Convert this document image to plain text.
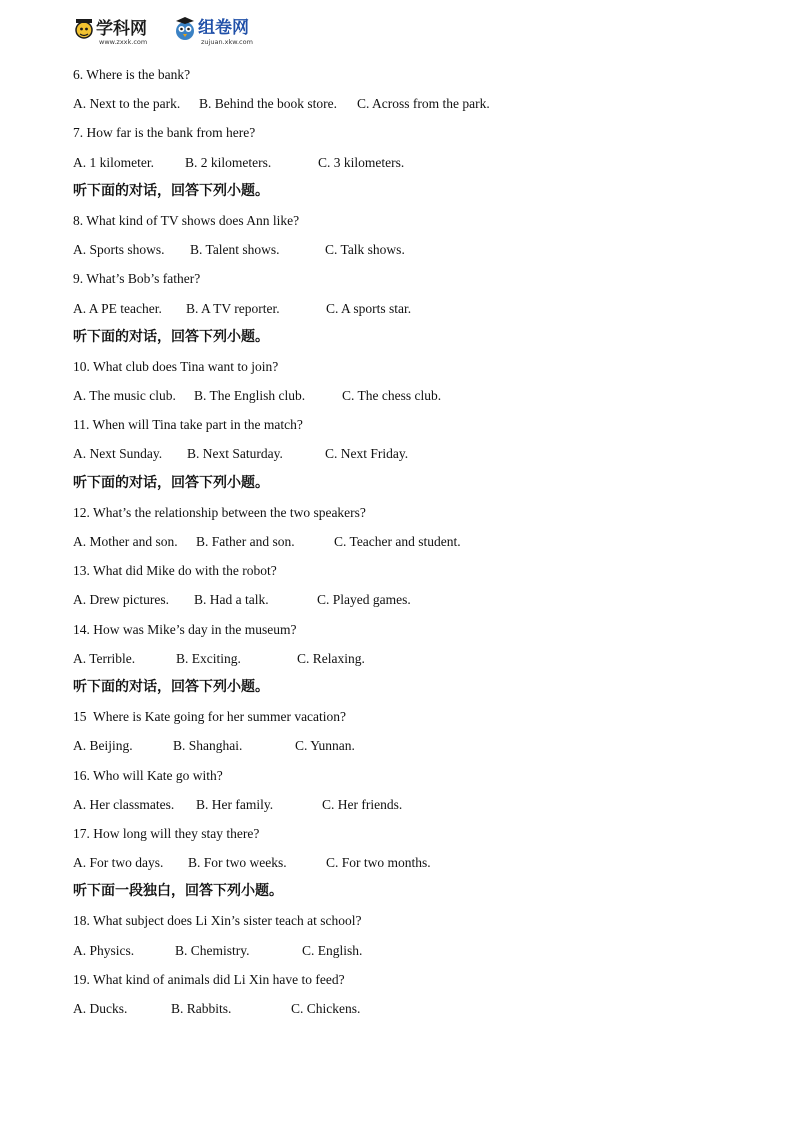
学科网
www.zxxk.com
组卷网
zujuan.xkw.com
6. Where is the bank?
A. Next to the park. B. Behind the book store. C. Across from the park.
7. How far is the bank from here?
A. 1 kilometer. B. 2 kilometers.	C. 3 kilometers.
听下面的对话，回答下列小题。
8. What kind of TV shows does Ann like?
A. Sports shows. B. Talent shows.	C. Talk shows.
9. What’s Bob’s father?
A. A PE teacher. B. A TV reporter.	C. A sports star.
听下面的对话，回答下列小题。
10. What club does Tina want to join?
A. The music club. B. The English club.	C. The chess club.
11. When will Tina take part in the match?
A. Next Sunday. B. Next Saturday.	C. Next Friday.
听下面的对话，回答下列小题。
12. What’s the relationship between the two speakers?
A. Mother and son. B. Father and son.	C. Teacher and student.
13. What did Mike do with the robot?
A. Drew pictures. B. Had a talk.	C. Played games.
14. How was Mike’s day in the museum?
A. Terrible.	B. Exciting.	C. Relaxing.
听下面的对话，回答下列小题。
15  Where is Kate going for her summer vacation?
A. Beijing.	B. Shanghai.	C. Yunnan.
16. Who will Kate go with?
A. Her classmates. B. Her family.	C. Her friends.
17. How long will they stay there?
A. For two days. B. For two weeks.	C. For two months.
听下面一段独白，回答下列小题。
18. What subject does Li Xin’s sister teach at school?
A. Physics.	B. Chemistry.	C. English.
19. What kind of animals did Li Xin have to feed?
A. Ducks.	B. Rabbits.	C. Chickens.
